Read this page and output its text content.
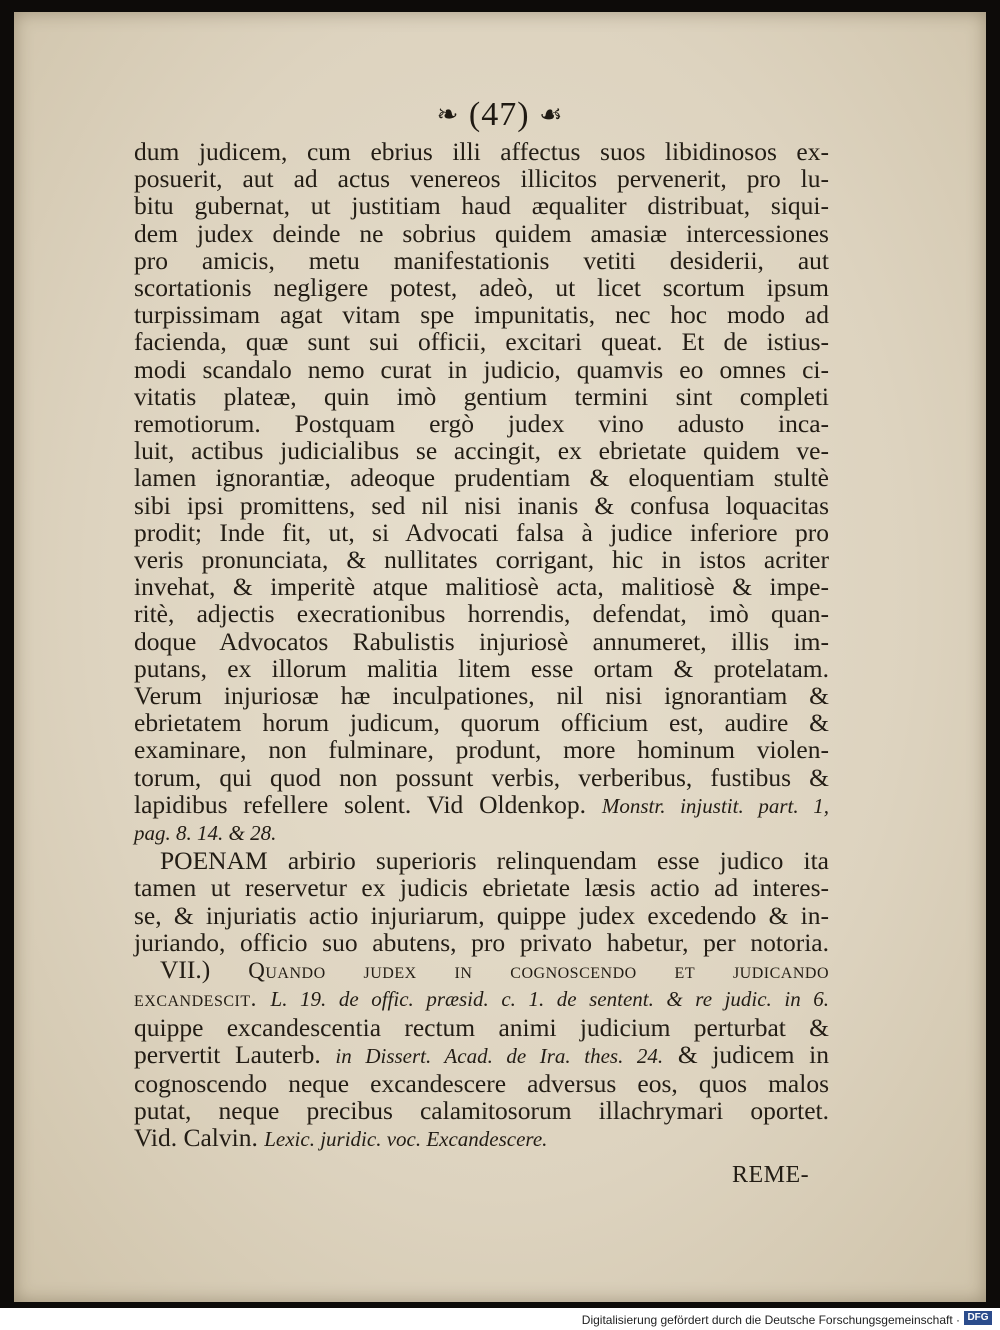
❧ (47) ☙
dum judicem, cum ebrius illi affectus suos libidinosos ex-
posuerit, aut ad actus venereos illicitos pervenerit, pro lu-
bitu gubernat, ut justitiam haud æqualiter distribuat, siqui-
dem judex deinde ne sobrius quidem amasiæ intercessiones
pro amicis, metu manifestationis vetiti desiderii, aut
scortationis negligere potest, adeò, ut licet scortum ipsum
turpissimam agat vitam spe impunitatis, nec hoc modo ad
facienda, quæ sunt sui officii, excitari queat. Et de istius-
modi scandalo nemo curat in judicio, quamvis eo omnes ci-
vitatis plateæ, quin imò gentium termini sint completi
remotiorum. Postquam ergò judex vino adusto inca-
luit, actibus judicialibus se accingit, ex ebrietate quidem ve-
lamen ignorantiæ, adeoque prudentiam & eloquentiam stultè
sibi ipsi promittens, sed nil nisi inanis & confusa loquacitas
prodit; Inde fit, ut, si Advocati falsa à judice inferiore pro
veris pronunciata, & nullitates corrigant, hic in istos acriter
invehat, & imperitè atque malitiosè acta, malitiosè & impe-
ritè, adjectis execrationibus horrendis, defendat, imò quan-
doque Advocatos Rabulistis injuriosè annumeret, illis im-
putans, ex illorum malitia litem esse ortam & protelatam.
Verum injuriosæ hæ inculpationes, nil nisi ignorantiam &
ebrietatem horum judicum, quorum officium est, audire &
examinare, non fulminare, produnt, more hominum violen-
torum, qui quod non possunt verbis, verberibus, fustibus &
lapidibus refellere solent. Vid Oldenkop. Monstr. injustit. part. 1,
pag. 8. 14. & 28.
POENAM arbirio superioris relinquendam esse judico ita
tamen ut reservetur ex judicis ebrietate læsis actio ad interes-
se, & injuriatis actio injuriarum, quippe judex excedendo & in-
juriando, officio suo abutens, pro privato habetur, per notoria.
VII.) Quando judex in cognoscendo et judicando
excandescit. L. 19. de offic. præsid. c. 1. de sentent. & re judic. in 6.
quippe excandescentia rectum animi judicium perturbat &
pervertit Lauterb. in Dissert. Acad. de Ira. thes. 24. & judicem in
cognoscendo neque excandescere adversus eos, quos malos
putat, neque precibus calamitosorum illachrymari oportet.
Vid. Calvin. Lexic. juridic. voc. Excandescere.
REME-
Digitalisierung gefördert durch die Deutsche Forschungsgemeinschaft · DFG
